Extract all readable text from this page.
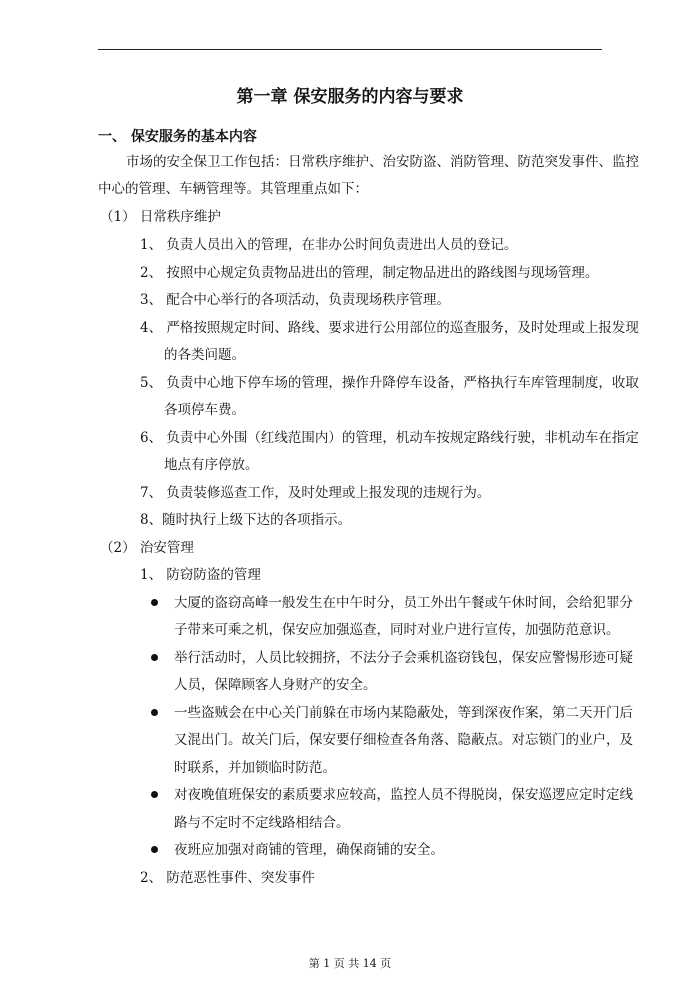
第一章 保安服务的内容与要求
一、 保安服务的基本内容
市场的安全保卫工作包括：日常秩序维护、治安防盗、消防管理、防范突发事件、监控
中心的管理、车辆管理等。其管理重点如下：
（1） 日常秩序维护
1、 负责人员出入的管理，在非办公时间负责进出人员的登记。
2、 按照中心规定负责物品进出的管理，制定物品进出的路线图与现场管理。
3、 配合中心举行的各项活动，负责现场秩序管理。
4、 严格按照规定时间、路线、要求进行公用部位的巡查服务，及时处理或上报发现
的各类问题。
5、 负责中心地下停车场的管理，操作升降停车设备，严格执行车库管理制度，收取
各项停车费。
6、 负责中心外围（红线范围内）的管理，机动车按规定路线行驶，非机动车在指定
地点有序停放。
7、 负责装修巡查工作，及时处理或上报发现的违规行为。
8、随时执行上级下达的各项指示。
（2） 治安管理
1、 防窃防盗的管理
大厦的盗窃高峰一般发生在中午时分，员工外出午餐或午休时间，会给犯罪分
子带来可乘之机，保安应加强巡查，同时对业户进行宣传，加强防范意识。
举行活动时，人员比较拥挤，不法分子会乘机盗窃钱包，保安应警惕形迹可疑
人员，保障顾客人身财产的安全。
一些盗贼会在中心关门前躲在市场内某隐蔽处，等到深夜作案，第二天开门后
又混出门。故关门后，保安要仔细检查各角落、隐蔽点。对忘锁门的业户，及
时联系，并加锁临时防范。
对夜晚值班保安的素质要求应较高，监控人员不得脱岗，保安巡逻应定时定线
路与不定时不定线路相结合。
夜班应加强对商铺的管理，确保商铺的安全。
2、 防范恶性事件、突发事件
第 1 页 共 14 页
